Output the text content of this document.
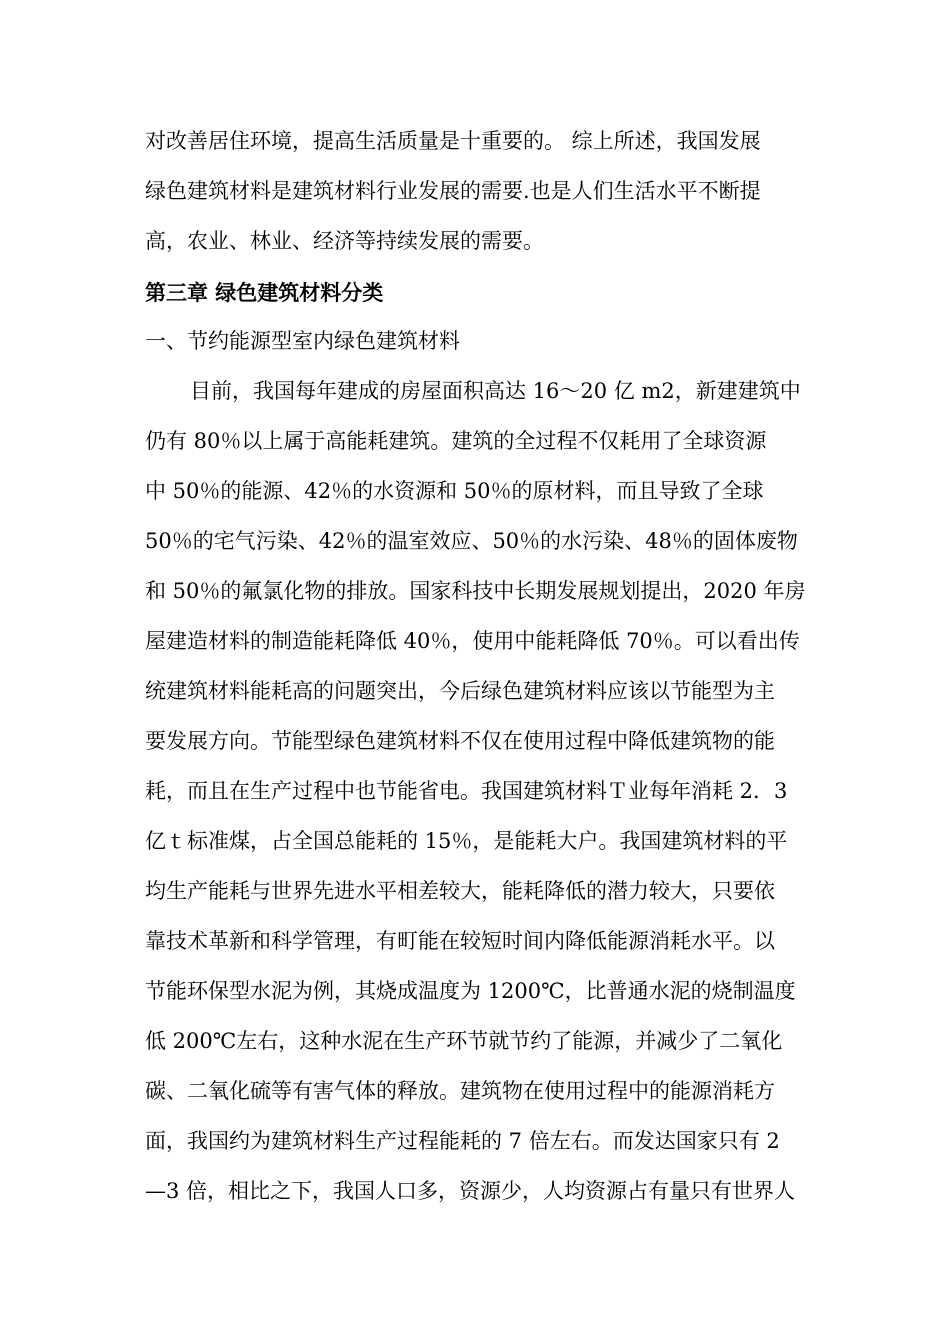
对改善居住环境，提高生活质量是十重要的。 综上所述，我国发展
绿色建筑材料是建筑材料行业发展的需要.也是人们生活水平不断提
高，农业、林业、经济等持续发展的需要。
第三章 绿色建筑材料分类
一、节约能源型室内绿色建筑材料
目前，我国每年建成的房屋面积高达 16～20 亿 m2，新建建筑中
仍有 80％以上属于高能耗建筑。建筑的全过程不仅耗用了全球资源
中 50％的能源、42％的水资源和 50％的原材料，而且导致了全球
50％的宅气污染、42％的温室效应、50％的水污染、48％的固体废物
和 50％的氟氯化物的排放。国家科技中长期发展规划提出，2020 年房
屋建造材料的制造能耗降低 40％，使用中能耗降低 70％。可以看出传
统建筑材料能耗高的问题突出，今后绿色建筑材料应该以节能型为主
要发展方向。节能型绿色建筑材料不仅在使用过程中降低建筑物的能
耗，而且在生产过程中也节能省电。我国建筑材料Ｔ业每年消耗 2．3
亿ｔ标准煤，占全国总能耗的 15％，是能耗大户。我国建筑材料的平
均生产能耗与世界先进水平相差较大，能耗降低的潜力较大，只要依
靠技术革新和科学管理，有町能在较短时间内降低能源消耗水平。以
节能环保型水泥为例，其烧成温度为 1200℃，比普通水泥的烧制温度
低 200℃左右，这种水泥在生产环节就节约了能源，并减少了二氧化
碳、二氧化硫等有害气体的释放。建筑物在使用过程中的能源消耗方
面，我国约为建筑材料生产过程能耗的 7 倍左右。而发达国家只有 2
—3 倍，相比之下，我国人口多，资源少，人均资源占有量只有世界人
